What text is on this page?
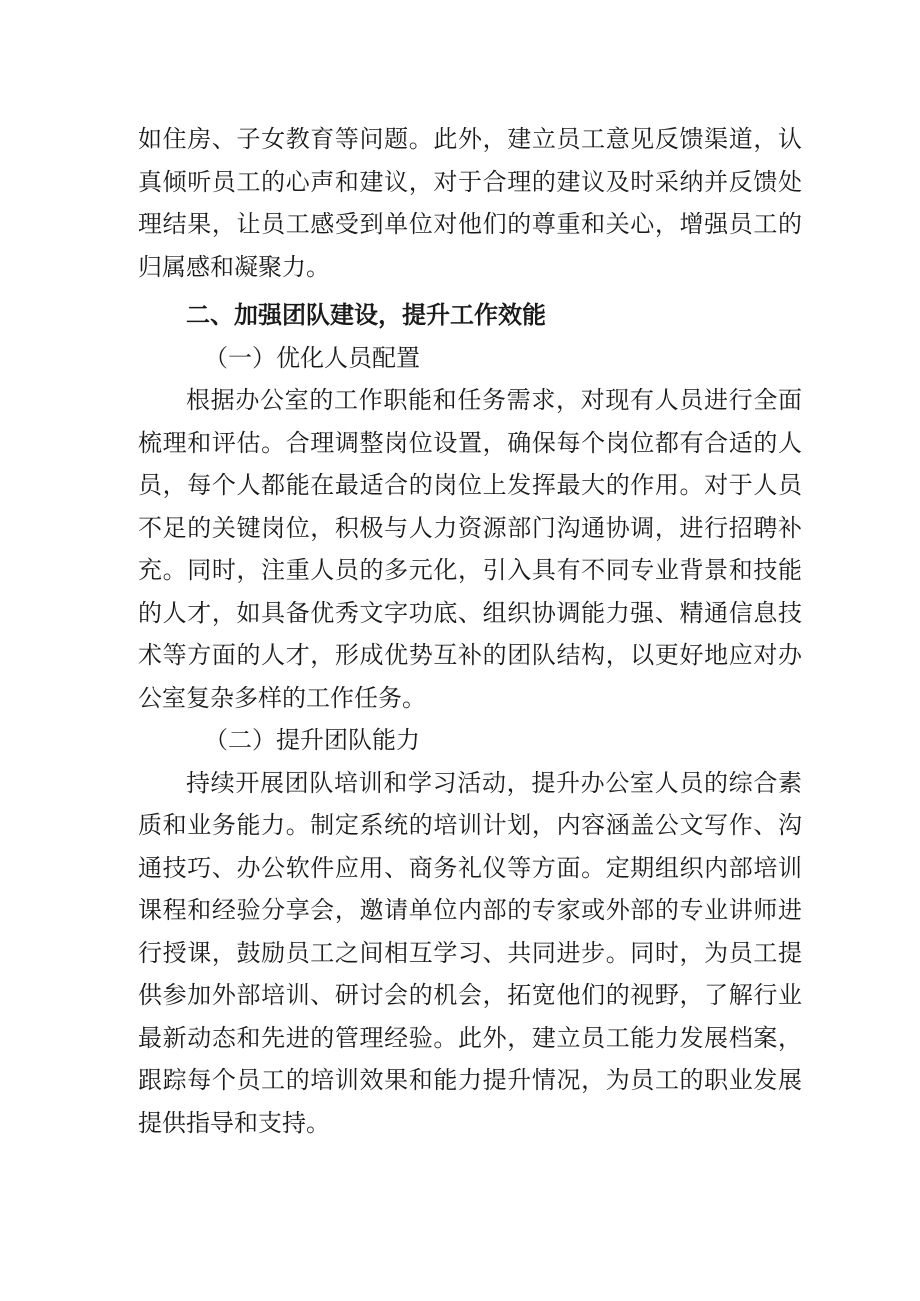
如住房、子女教育等问题。此外，建立员工意见反馈渠道，认真倾听员工的心声和建议，对于合理的建议及时采纳并反馈处理结果，让员工感受到单位对他们的尊重和关心，增强员工的归属感和凝聚力。

二、加强团队建设，提升工作效能

（一）优化人员配置

根据办公室的工作职能和任务需求，对现有人员进行全面梳理和评估。合理调整岗位设置，确保每个岗位都有合适的人员，每个人都能在最适合的岗位上发挥最大的作用。对于人员不足的关键岗位，积极与人力资源部门沟通协调，进行招聘补充。同时，注重人员的多元化，引入具有不同专业背景和技能的人才，如具备优秀文字功底、组织协调能力强、精通信息技术等方面的人才，形成优势互补的团队结构，以更好地应对办公室复杂多样的工作任务。

（二）提升团队能力

持续开展团队培训和学习活动，提升办公室人员的综合素质和业务能力。制定系统的培训计划，内容涵盖公文写作、沟通技巧、办公软件应用、商务礼仪等方面。定期组织内部培训课程和经验分享会，邀请单位内部的专家或外部的专业讲师进行授课，鼓励员工之间相互学习、共同进步。同时，为员工提供参加外部培训、研讨会的机会，拓宽他们的视野，了解行业最新动态和先进的管理经验。此外，建立员工能力发展档案，跟踪每个员工的培训效果和能力提升情况，为员工的职业发展提供指导和支持。
